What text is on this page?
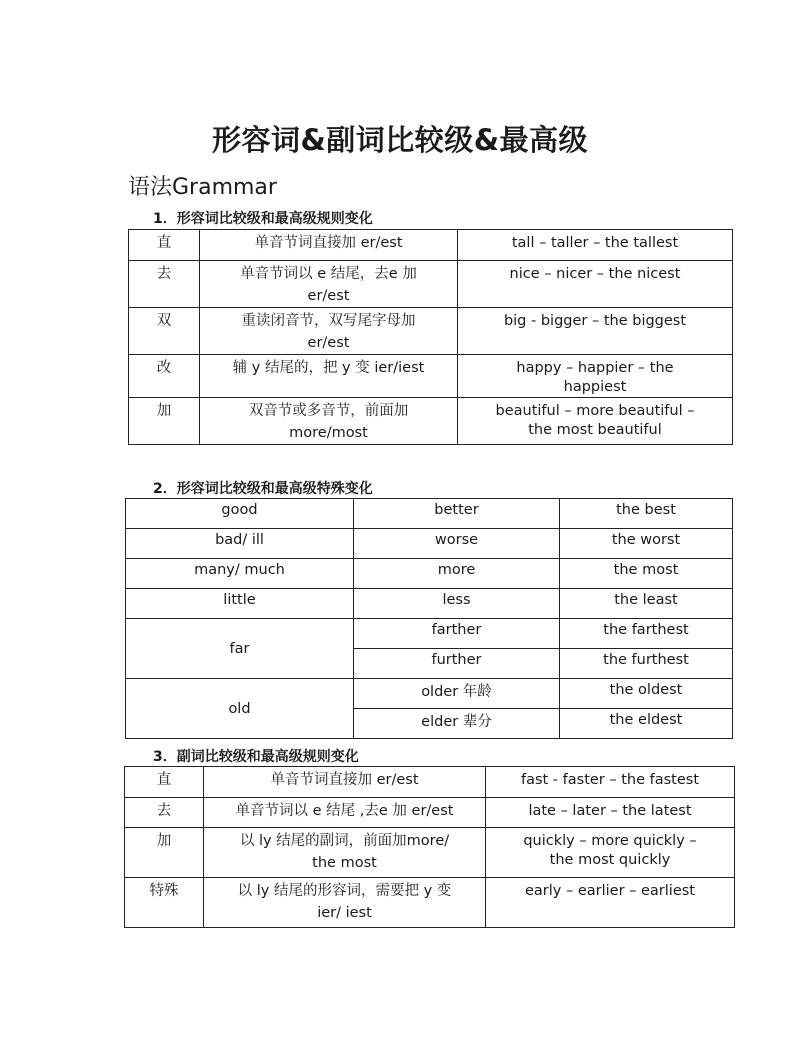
形容词&副词比较级&最高级
语法Grammar
1．形容词比较级和最高级规则变化
直	单音节词直接加 er/est	tall – taller – the tallest
去	单音节词以 e 结尾，去e 加 er/est	nice – nicer – the nicest
双	重读闭音节，双写尾字母加 er/est	big - bigger – the biggest
改	辅 y 结尾的，把 y 变 ier/iest	happy – happier – the happiest
加	双音节或多音节，前面加 more/most	beautiful – more beautiful – the most beautiful
2．形容词比较级和最高级特殊变化
good	better	the best
bad/ ill	worse	the worst
many/ much	more	the most
little	less	the least
far	farther	the farthest
	further	the furthest
old	older 年龄	the oldest
	elder 辈分	the eldest
3．副词比较级和最高级规则变化
直	单音节词直接加 er/est	fast - faster – the fastest
去	单音节词以 e 结尾 ,去e 加 er/est	late – later – the latest
加	以 ly 结尾的副词，前面加more/ the most	quickly – more quickly – the most quickly
特殊	以 ly 结尾的形容词，需要把 y 变 ier/ iest	early – earlier – earliest
